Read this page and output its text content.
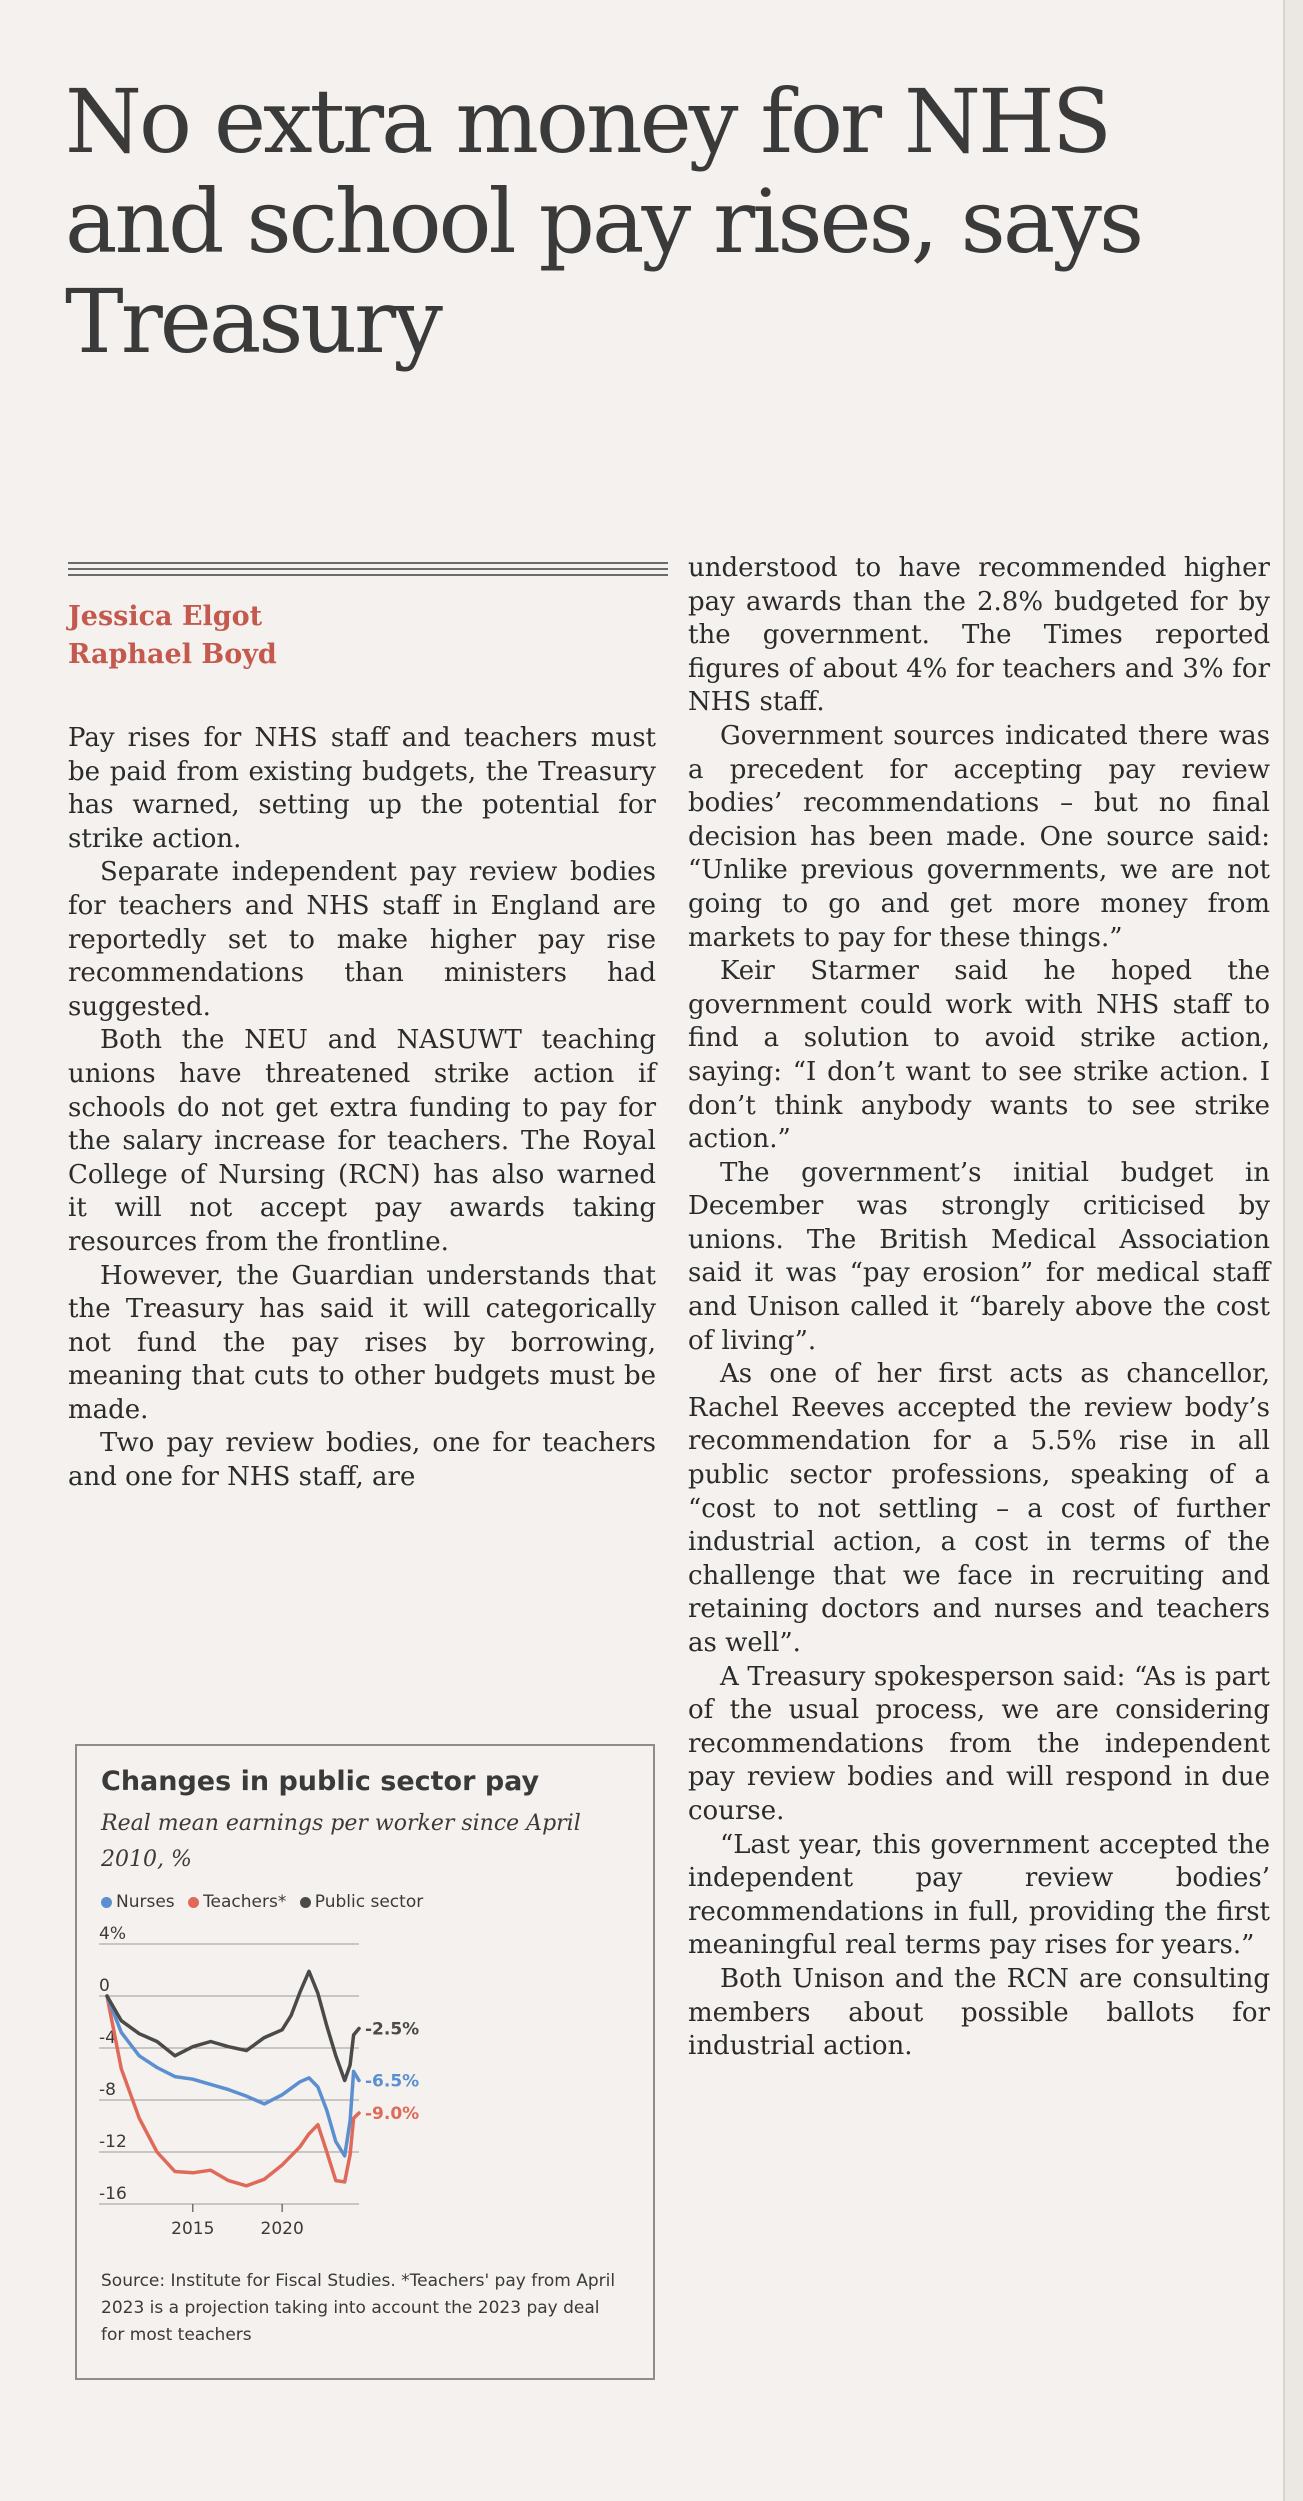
No extra money for NHS and school pay rises, says Treasury
Jessica Elgot
Raphael Boyd

Pay rises for NHS staff and teachers must be paid from existing budgets, the Treasury has warned, setting up the potential for strike action.

Separate independent pay review bodies for teachers and NHS staff in England are reportedly set to make higher pay rise recommendations than ministers had suggested.

Both the NEU and NASUWT teaching unions have threatened strike action if schools do not get extra funding to pay for the salary increase for teachers. The Royal College of Nursing (RCN) has also warned it will not accept pay awards taking resources from the frontline.

However, the Guardian understands that the Treasury has said it will categorically not fund the pay rises by borrowing, meaning that cuts to other budgets must be made.

Two pay review bodies, one for teachers and one for NHS staff, are

understood to have recommended higher pay awards than the 2.8% budgeted for by the government. The Times reported figures of about 4% for teachers and 3% for NHS staff.

Government sources indicated there was a precedent for accepting pay review bodies’ recommendations – but no final decision has been made. One source said: “Unlike previous governments, we are not going to go and get more money from markets to pay for these things.”

Keir Starmer said he hoped the government could work with NHS staff to find a solution to avoid strike action, saying: “I don’t want to see strike action. I don’t think anybody wants to see strike action.”

The government’s initial budget in December was strongly criticised by unions. The British Medical Association said it was “pay erosion” for medical staff and Unison called it “barely above the cost of living”.

As one of her first acts as chancellor, Rachel Reeves accepted the review body’s recommendation for a 5.5% rise in all public sector professions, speaking of a “cost to not settling – a cost of further industrial action, a cost in terms of the challenge that we face in recruiting and retaining doctors and nurses and teachers as well”.

A Treasury spokesperson said: “As is part of the usual process, we are considering recommendations from the independent pay review bodies and will respond in due course.

“Last year, this government accepted the independent pay review bodies’ recommendations in full, providing the first meaningful real terms pay rises for years.”

Both Unison and the RCN are consulting members about possible ballots for industrial action.

Changes in public sector pay
Real mean earnings per worker since April 2010, %
Nurses Teachers* Public sector
4%
0
-4
-8
-12
-16
2015	2020
-2.5%
-6.5%
-9.0%
Source: Institute for Fiscal Studies. *Teachers' pay from April 2023 is a projection taking into account the 2023 pay deal for most teachers
